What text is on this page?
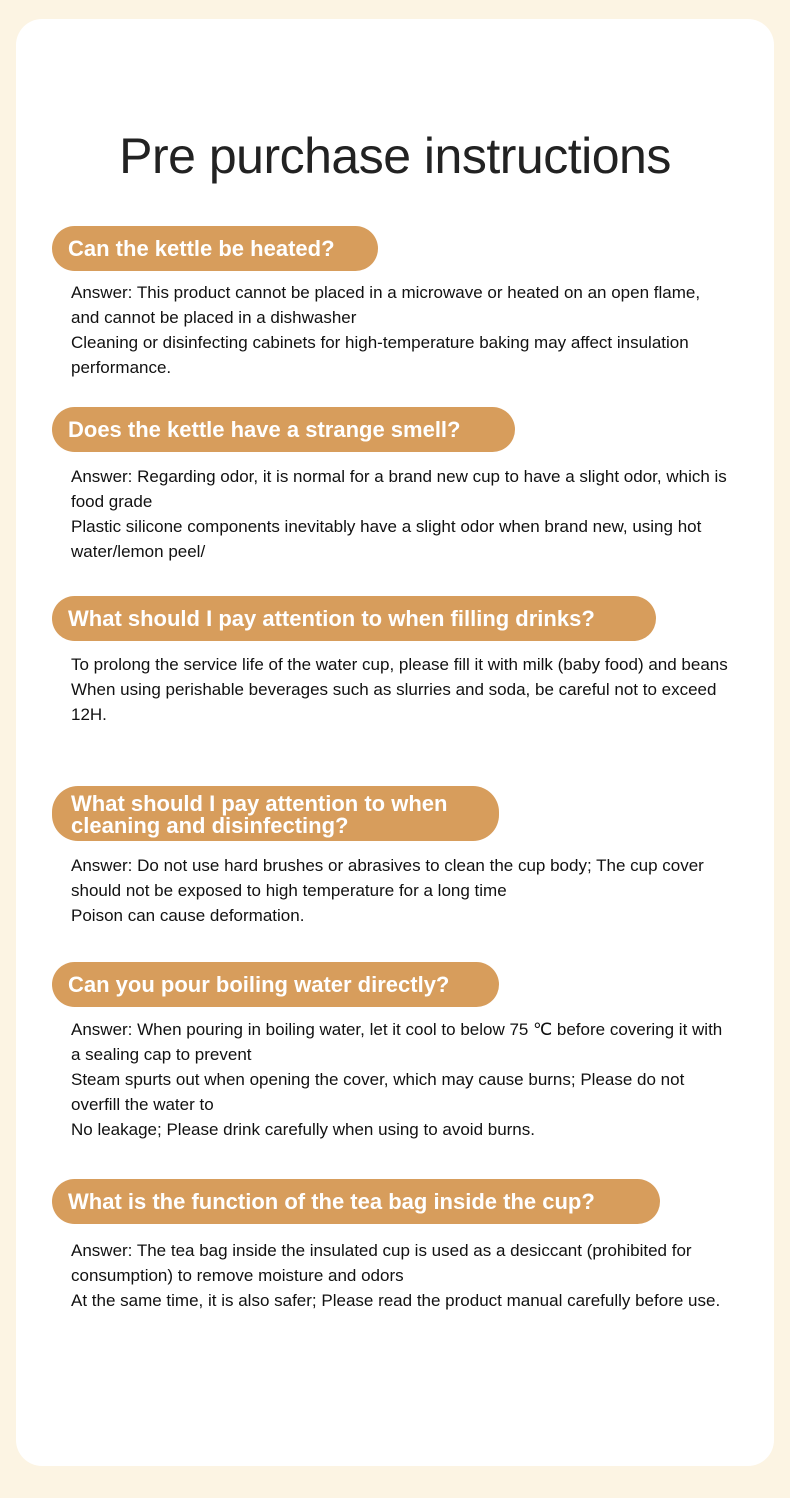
Pre purchase instructions
Can the kettle be heated?

Answer: This product cannot be placed in a microwave or heated on an open flame, and cannot be placed in a dishwasher

Cleaning or disinfecting cabinets for high-temperature baking may affect insulation performance.

Does the kettle have a strange smell?

Answer: Regarding odor, it is normal for a brand new cup to have a slight odor, which is food grade

Plastic silicone components inevitably have a slight odor when brand new, using hot water/lemon peel/

What should I pay attention to when filling drinks?

To prolong the service life of the water cup, please fill it with milk (baby food) and beans

When using perishable beverages such as slurries and soda, be careful not to exceed 12H.

What should I pay attention to when cleaning and disinfecting?

Answer: Do not use hard brushes or abrasives to clean the cup body; The cup cover should not be exposed to high temperature for a long time

Poison can cause deformation.

Can you pour boiling water directly?

Answer: When pouring in boiling water, let it cool to below 75 ℃ before covering it with a sealing cap to prevent

Steam spurts out when opening the cover, which may cause burns; Please do not overfill the water to

No leakage; Please drink carefully when using to avoid burns.

What is the function of the tea bag inside the cup?

Answer: The tea bag inside the insulated cup is used as a desiccant (prohibited for consumption) to remove moisture and odors

At the same time, it is also safer; Please read the product manual carefully before use.
